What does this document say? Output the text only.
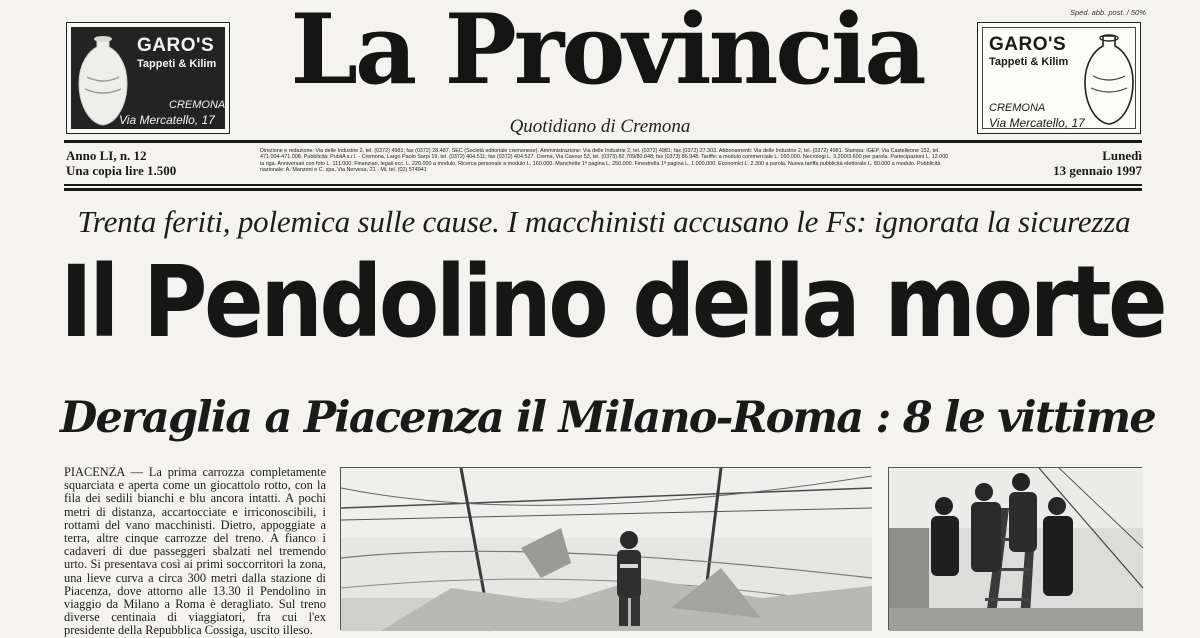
GARO'S
Tappeti & Kilim
CREMONA
Via Mercatello, 17
Sped. abb. post. / 50%
La Provincia
Quotidiano di Cremona
GARO'S
Tappeti & Kilim
CREMONA
Via Mercatello, 17
Anno LI, n. 12
Una copia lire 1.500
Direzione e redazione: Via delle Industrie 2, tel. (0372) 4981; fax (0372) 28.487. SEC (Società editoriale cremonese). Amministrazione: Via delle Industrie 2, tel. (0372) 4981; fax (0372) 27.303. Abbonamenti: Via delle Industrie 2, tel. (0372) 4981. Stampa: IGEP, Via Castelleone 152, tel. 471.004-471.008. Pubblicità: PubliA s.r.l. - Cremona, Largo Paolo Sarpi 19, tel. (0372) 404.511; fax (0372) 404.527. Crema, Via Cavour 53, tel. (0373) 82.709/80.848; fax (0373) 86.948. Tariffe: a modulo commerciale L. 160.000. Necrologi L. 3.200/3.600 per parola. Partecipazioni L. 12.000 la riga. Anniversari con foto L. 111.000. Finanziari, legali ecc. L. 220.000 a modulo. Ricerca personale a modulo L. 160.000. Manchette 1ª pagina L. 250.000. Finestrella 1ª pagina L. 1.000.000. Economici L. 2.300 a parola. Nuova tariffa pubblicità elettorale L. 80.000 a modulo. Pubblicità nazionale: A. Manzoni e C. spa, Via Nervesa, 21 - Mi, tel. (02) 574941
Lunedì
13 gennaio 1997
Trenta feriti, polemica sulle cause. I macchinisti accusano le Fs: ignorata la sicurezza
Il Pendolino della morte
Deraglia a Piacenza il Milano-Roma : 8 le vittime
PIACENZA — La prima carrozza completamente squarciata e aperta come un giocattolo rotto, con la fila dei sedili bianchi e blu ancora intatti. A pochi metri di distanza, accartocciate e irriconoscibili, i rottami del vano macchinisti. Dietro, appoggiate a terra, altre cinque carrozze del treno. A fianco i cadaveri di due passeggeri sbalzati nel tremendo urto. Si presentava così ai primi soccorritori la zona, una lieve curva a circa 300 metri dalla stazione di Piacenza, dove attorno alle 13.30 il Pendolino in viaggio da Milano a Roma è deragliato. Sul treno diverse centinaia di viaggiatori, fra cui l'ex presidente della Repubblica Cossiga, uscito illeso.
